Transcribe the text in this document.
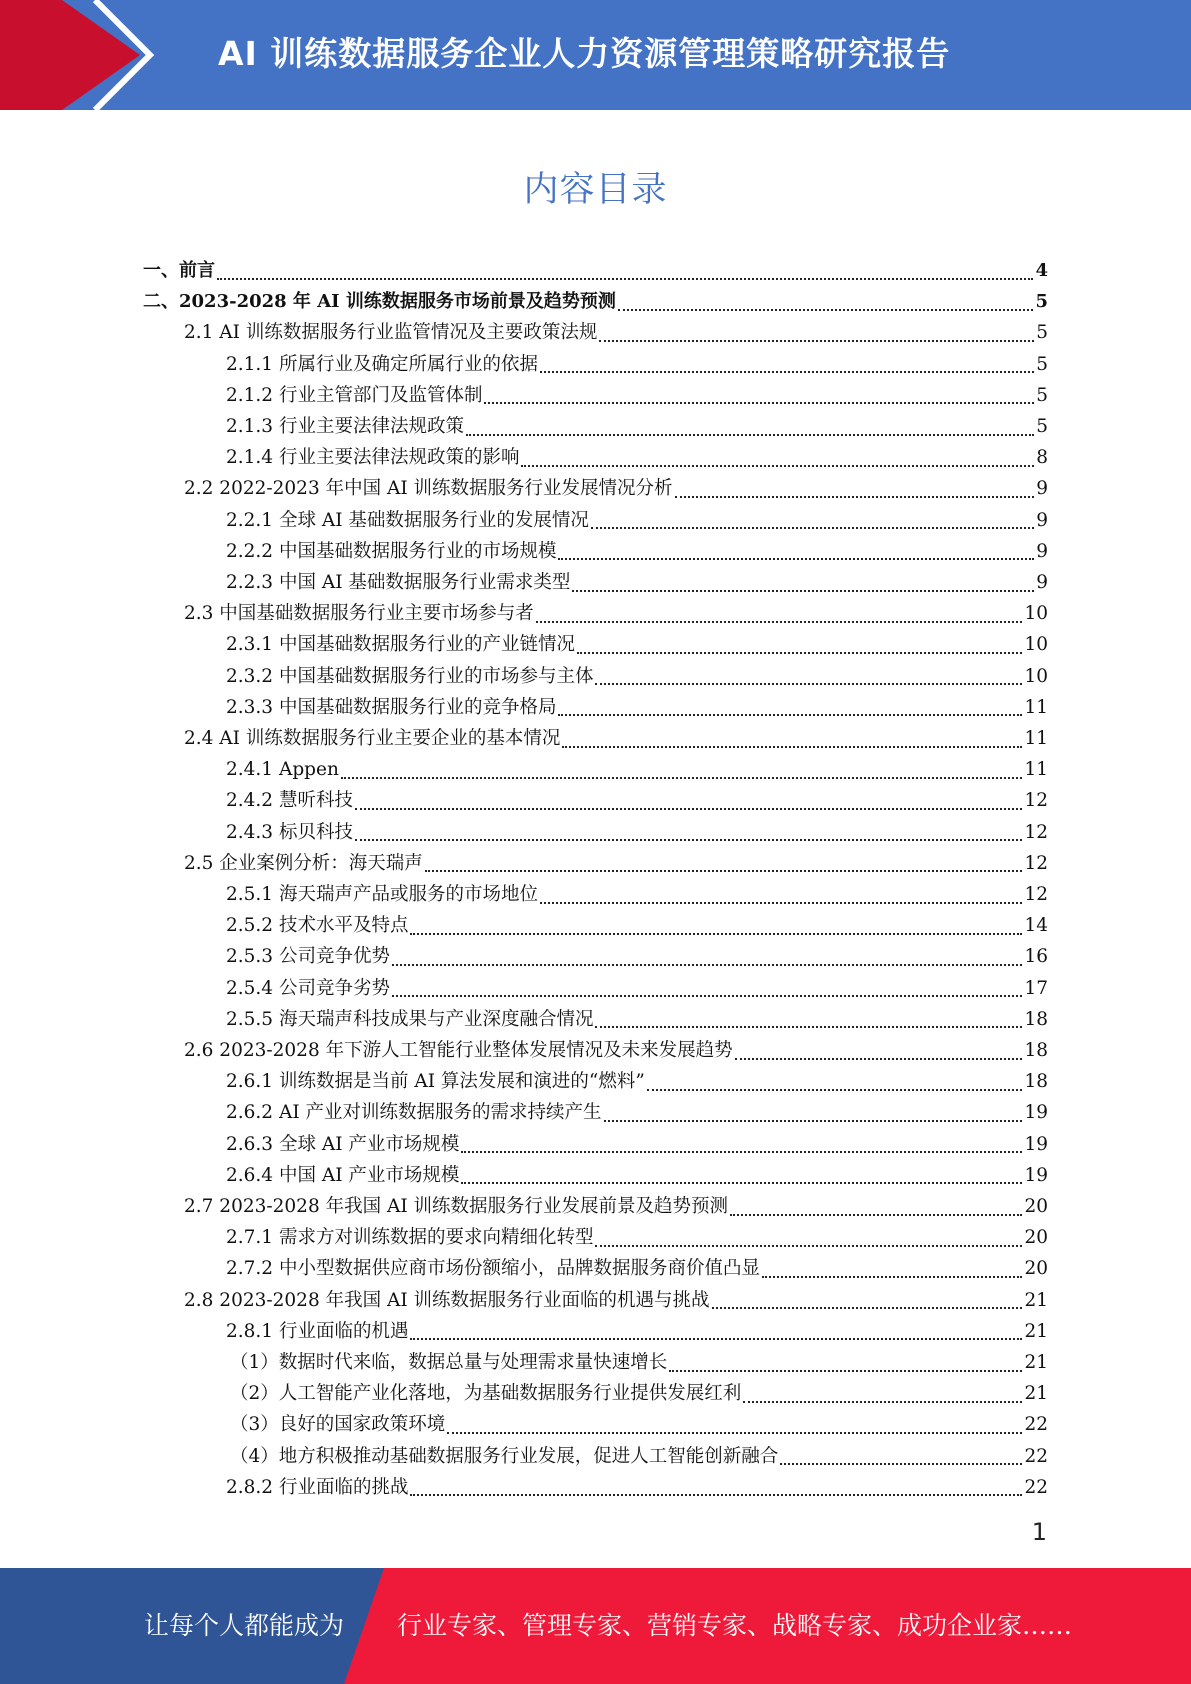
AI 训练数据服务企业人力资源管理策略研究报告
内容目录
一、前言	4
二、2023-2028 年 AI 训练数据服务市场前景及趋势预测	5
2.1 AI 训练数据服务行业监管情况及主要政策法规	5
2.1.1 所属行业及确定所属行业的依据	5
2.1.2 行业主管部门及监管体制	5
2.1.3 行业主要法律法规政策	5
2.1.4 行业主要法律法规政策的影响	8
2.2 2022-2023 年中国 AI 训练数据服务行业发展情况分析	9
2.2.1 全球 AI 基础数据服务行业的发展情况	9
2.2.2 中国基础数据服务行业的市场规模	9
2.2.3 中国 AI 基础数据服务行业需求类型	9
2.3 中国基础数据服务行业主要市场参与者	10
2.3.1 中国基础数据服务行业的产业链情况	10
2.3.2 中国基础数据服务行业的市场参与主体	10
2.3.3 中国基础数据服务行业的竞争格局	11
2.4 AI 训练数据服务行业主要企业的基本情况	11
2.4.1 Appen	11
2.4.2 慧听科技	12
2.4.3 标贝科技	12
2.5 企业案例分析：海天瑞声	12
2.5.1 海天瑞声产品或服务的市场地位	12
2.5.2 技术水平及特点	14
2.5.3 公司竞争优势	16
2.5.4 公司竞争劣势	17
2.5.5 海天瑞声科技成果与产业深度融合情况	18
2.6 2023-2028 年下游人工智能行业整体发展情况及未来发展趋势	18
2.6.1 训练数据是当前 AI 算法发展和演进的“燃料”	18
2.6.2 AI 产业对训练数据服务的需求持续产生	19
2.6.3 全球 AI 产业市场规模	19
2.6.4 中国 AI 产业市场规模	19
2.7 2023-2028 年我国 AI 训练数据服务行业发展前景及趋势预测	20
2.7.1 需求方对训练数据的要求向精细化转型	20
2.7.2 中小型数据供应商市场份额缩小，品牌数据服务商价值凸显	20
2.8 2023-2028 年我国 AI 训练数据服务行业面临的机遇与挑战	21
2.8.1 行业面临的机遇	21
（1）数据时代来临，数据总量与处理需求量快速增长	21
（2）人工智能产业化落地，为基础数据服务行业提供发展红利	21
（3）良好的国家政策环境	22
（4）地方积极推动基础数据服务行业发展，促进人工智能创新融合	22
2.8.2 行业面临的挑战	22
1
让每个人都能成为 行业专家、管理专家、营销专家、战略专家、成功企业家……
